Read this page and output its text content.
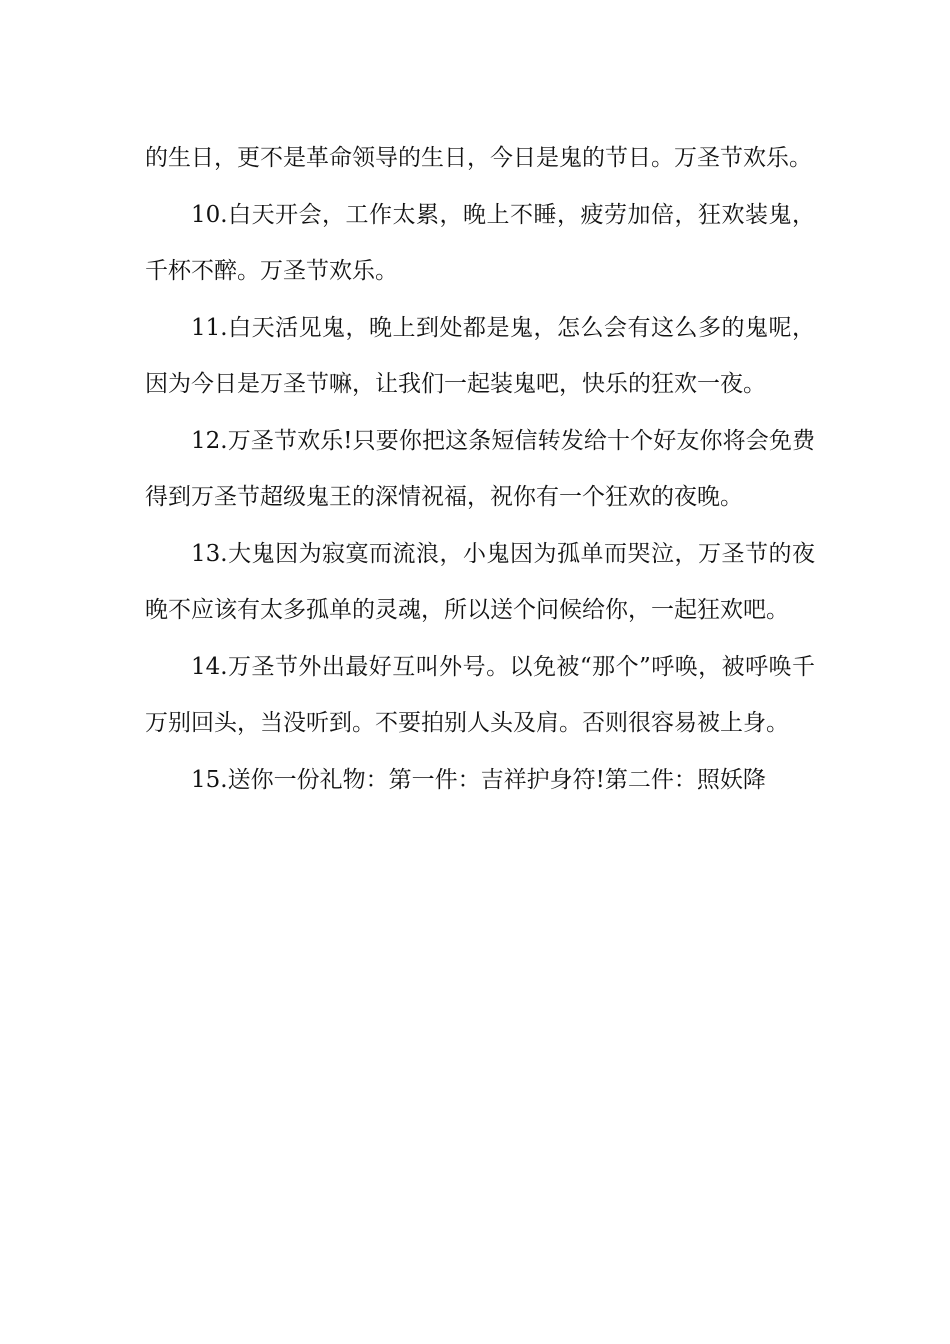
的生日，更不是革命领导的生日，今日是鬼的节日。万圣节欢乐。

10.白天开会，工作太累，晚上不睡，疲劳加倍，狂欢装鬼，千杯不醉。万圣节欢乐。

11.白天活见鬼，晚上到处都是鬼，怎么会有这么多的鬼呢，因为今日是万圣节嘛，让我们一起装鬼吧，快乐的狂欢一夜。

12.万圣节欢乐!只要你把这条短信转发给十个好友你将会免费得到万圣节超级鬼王的深情祝福，祝你有一个狂欢的夜晚。

13.大鬼因为寂寞而流浪，小鬼因为孤单而哭泣，万圣节的夜晚不应该有太多孤单的灵魂，所以送个问候给你，一起狂欢吧。

14.万圣节外出最好互叫外号。以免被“那个”呼唤，被呼唤千万别回头，当没听到。不要拍别人头及肩。否则很容易被上身。

15.送你一份礼物：第一件：吉祥护身符!第二件：照妖降
